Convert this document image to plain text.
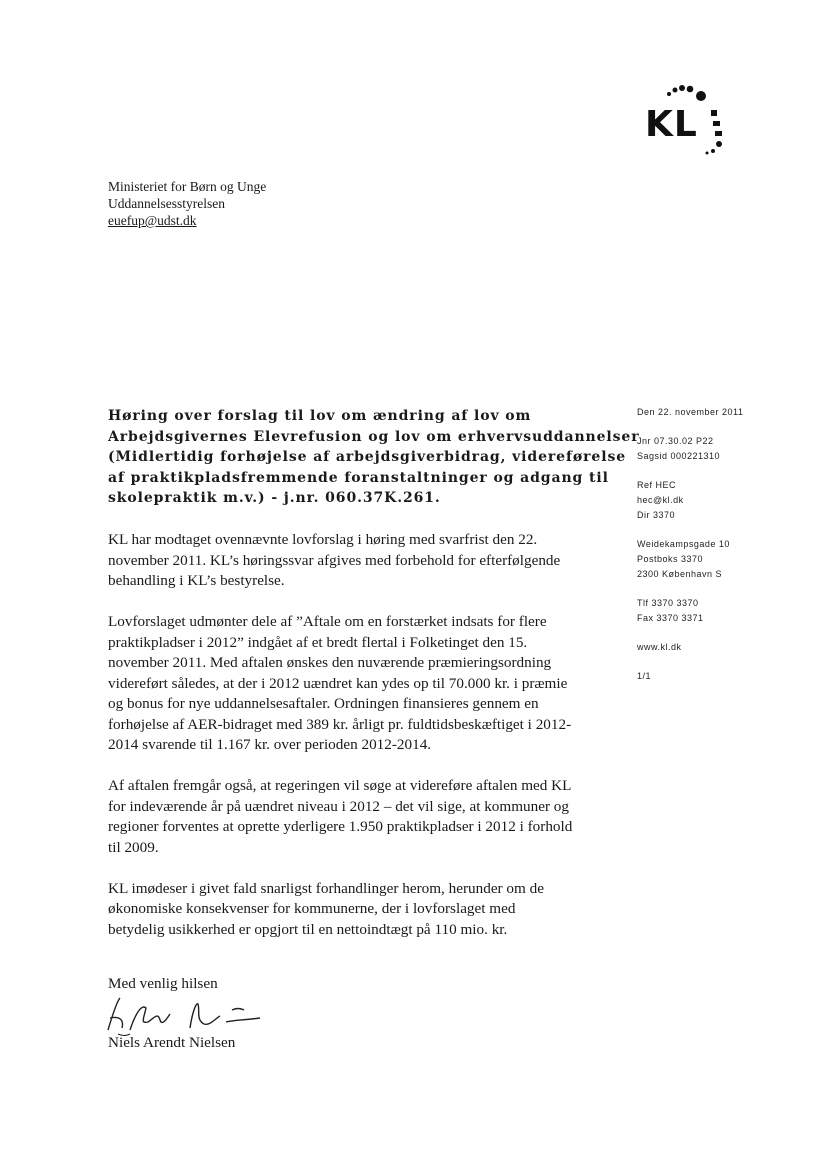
KL
Ministeriet for Børn og Unge
Uddannelsesstyrelsen
euefup@udst.dk
Høring over forslag til lov om ændring af lov om
Arbejdsgivernes Elevrefusion og lov om erhvervsuddannelser
(Midlertidig forhøjelse af arbejdsgiverbidrag, videreførelse
af praktikpladsfremmende foranstaltninger og adgang til
skolepraktik m.v.) - j.nr. 060.37K.261.
KL har modtaget ovennævnte lovforslag i høring med svarfrist den 22.
november 2011. KL’s høringssvar afgives med forbehold for efterfølgende
behandling i KL’s bestyrelse.
Lovforslaget udmønter dele af ”Aftale om en forstærket indsats for flere
praktikpladser i 2012” indgået af et bredt flertal i Folketinget den 15.
november 2011. Med aftalen ønskes den nuværende præmieringsordning
videreført således, at der i 2012 uændret kan ydes op til 70.000 kr. i præmie
og bonus for nye uddannelsesaftaler. Ordningen finansieres gennem en
forhøjelse af AER-bidraget med 389 kr. årligt pr. fuldtidsbeskæftiget i 2012-
2014 svarende til 1.167 kr. over perioden 2012-2014.
Af aftalen fremgår også, at regeringen vil søge at videreføre aftalen med KL
for indeværende år på uændret niveau i 2012 – det vil sige, at kommuner og
regioner forventes at oprette yderligere 1.950 praktikpladser i 2012 i forhold
til 2009.
KL imødeser i givet fald snarligst forhandlinger herom, herunder om de
økonomiske konsekvenser for kommunerne, der i lovforslaget med
betydelig usikkerhed er opgjort til en nettoindtægt på 110 mio. kr.
Med venlig hilsen
Niels Arendt Nielsen
Den 22. november 2011
Jnr 07.30.02 P22
Sagsid 000221310
Ref HEC
hec@kl.dk
Dir 3370
Weidekampsgade 10
Postboks 3370
2300 København S
Tlf 3370 3370
Fax 3370 3371
www.kl.dk
1/1
